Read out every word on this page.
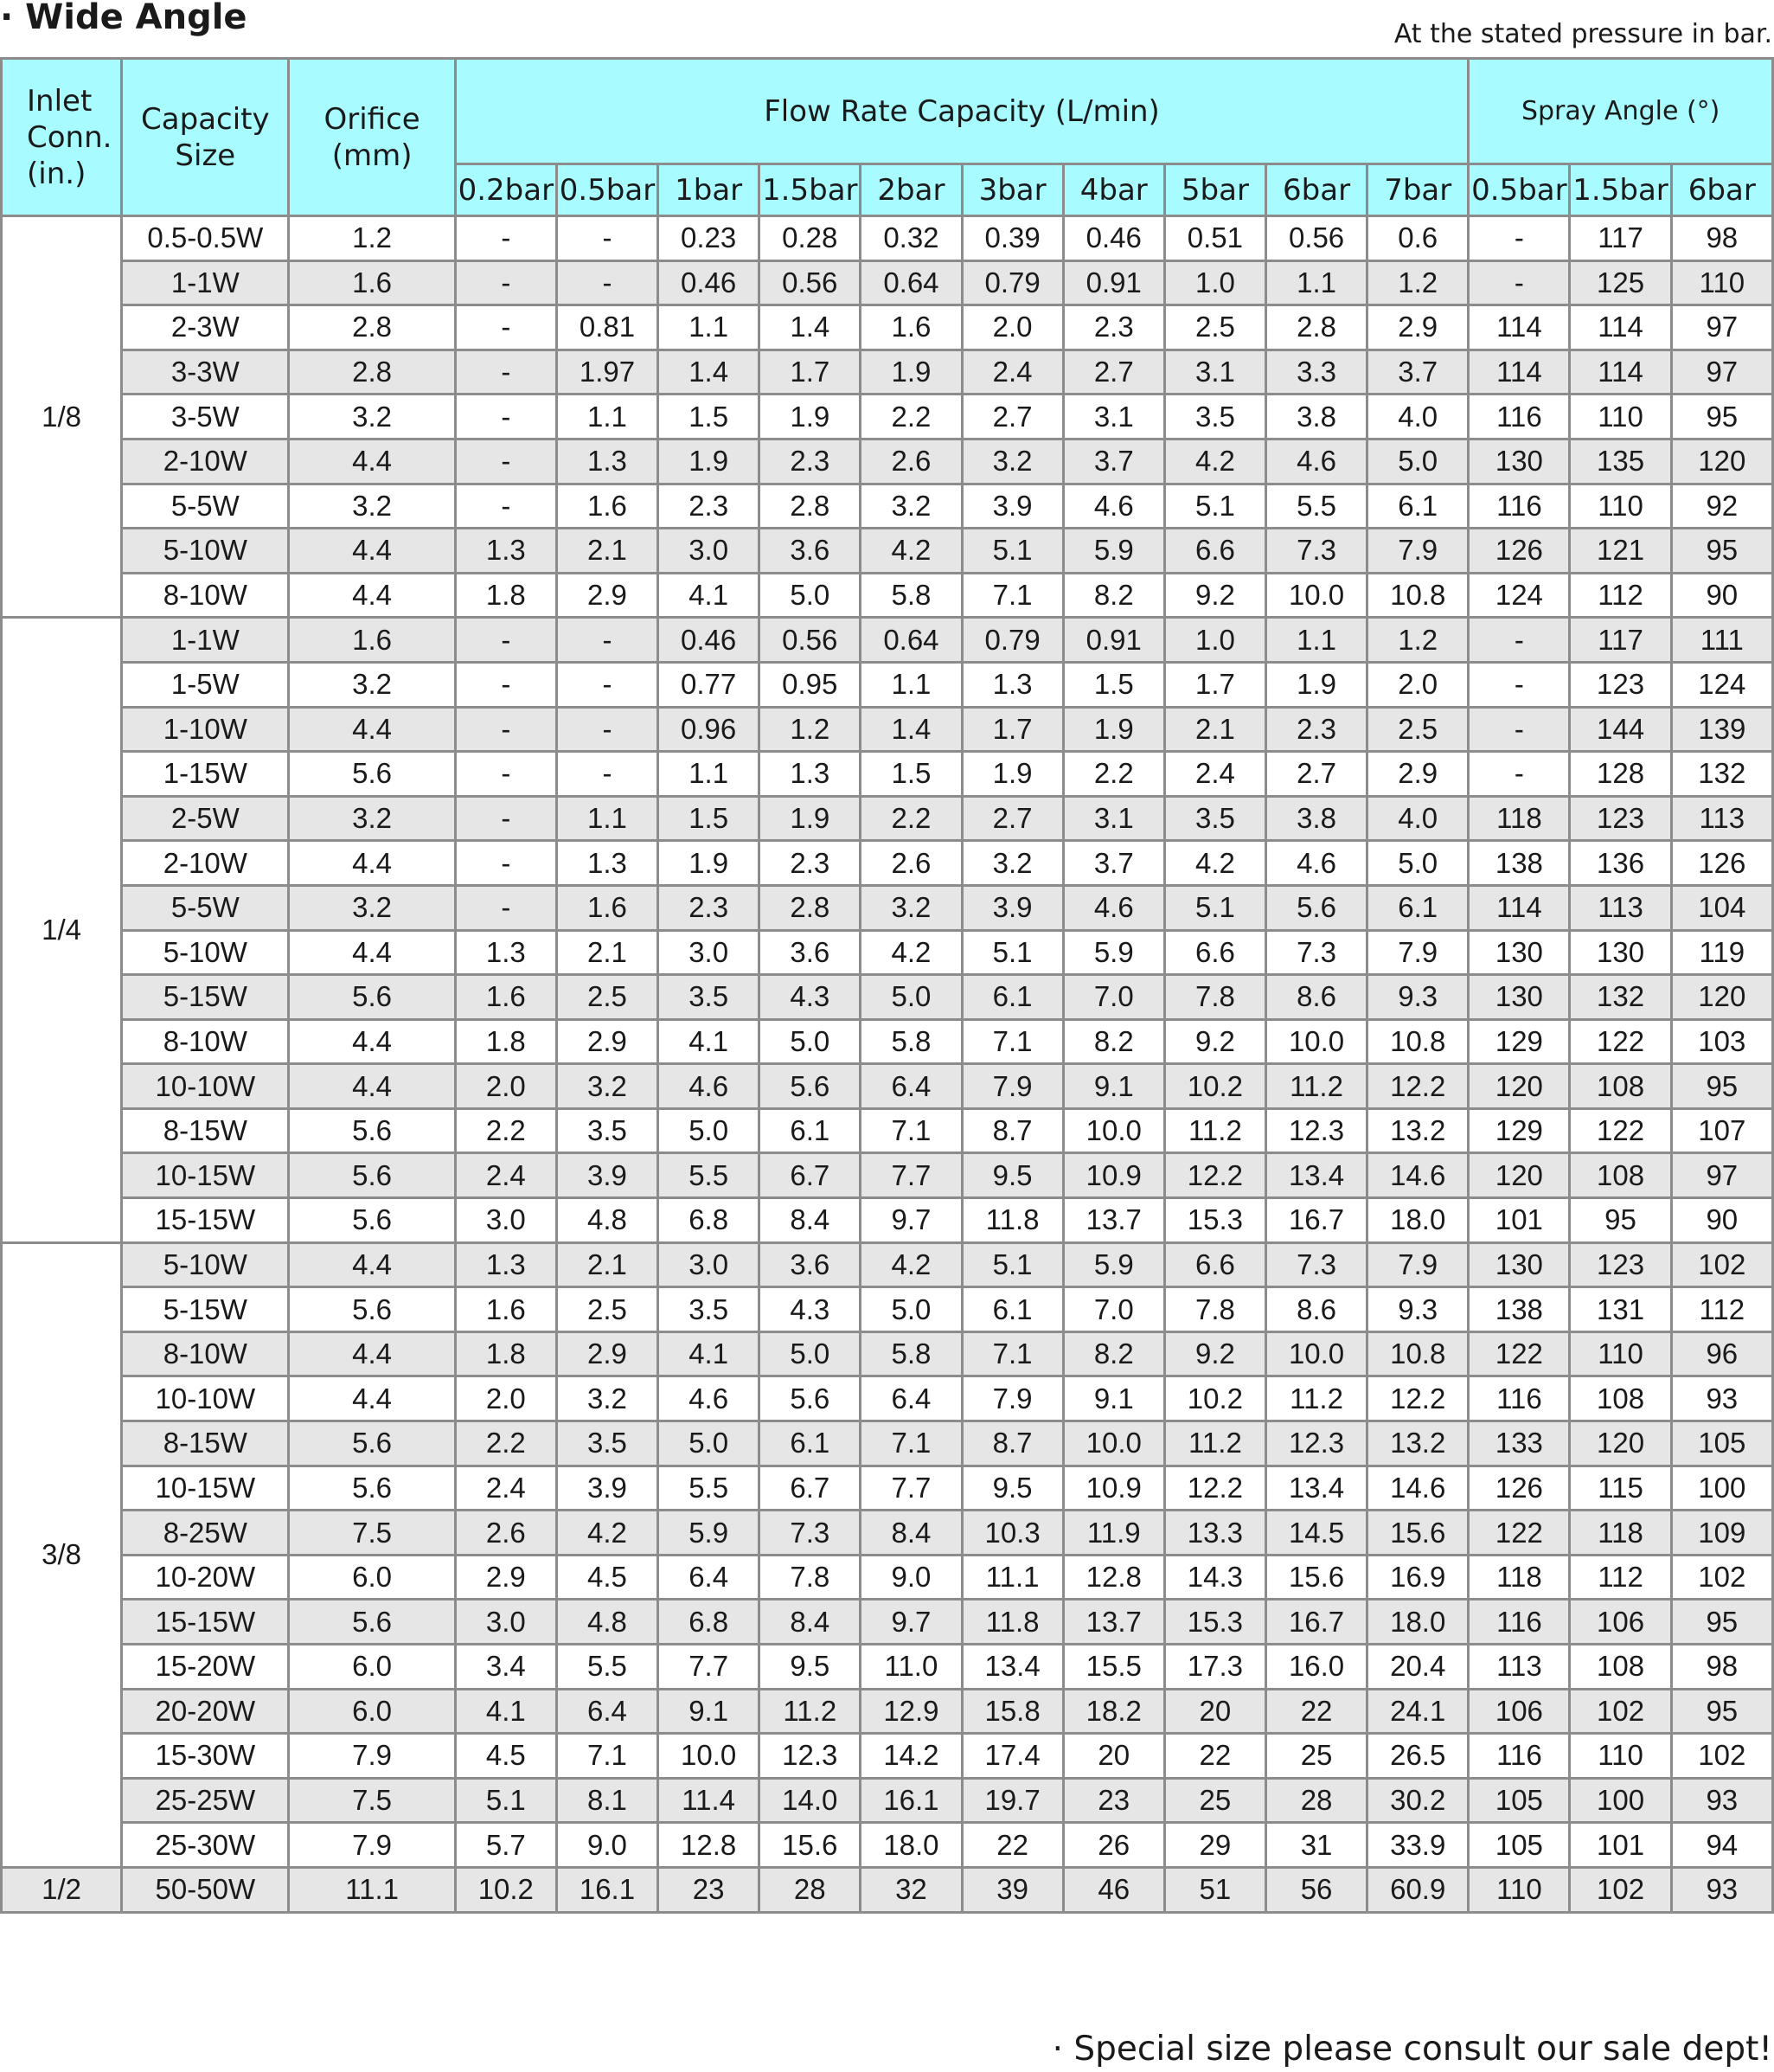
· Wide Angle	At the stated pressure in bar.
Inlet Conn. (in.)	Capacity Size	Orifice (mm)	Flow Rate Capacity (L/min)										Spray Angle (°)		
			0.2bar	0.5bar	1bar	1.5bar	2bar	3bar	4bar	5bar	6bar	7bar	0.5bar	1.5bar	6bar
1/8	0.5-0.5W	1.2	-	-	0.23	0.28	0.32	0.39	0.46	0.51	0.56	0.6	-	117	98
	1-1W	1.6	-	-	0.46	0.56	0.64	0.79	0.91	1.0	1.1	1.2	-	125	110
	2-3W	2.8	-	0.81	1.1	1.4	1.6	2.0	2.3	2.5	2.8	2.9	114	114	97
	3-3W	2.8	-	1.97	1.4	1.7	1.9	2.4	2.7	3.1	3.3	3.7	114	114	97
	3-5W	3.2	-	1.1	1.5	1.9	2.2	2.7	3.1	3.5	3.8	4.0	116	110	95
	2-10W	4.4	-	1.3	1.9	2.3	2.6	3.2	3.7	4.2	4.6	5.0	130	135	120
	5-5W	3.2	-	1.6	2.3	2.8	3.2	3.9	4.6	5.1	5.5	6.1	116	110	92
	5-10W	4.4	1.3	2.1	3.0	3.6	4.2	5.1	5.9	6.6	7.3	7.9	126	121	95
	8-10W	4.4	1.8	2.9	4.1	5.0	5.8	7.1	8.2	9.2	10.0	10.8	124	112	90
1/4	1-1W	1.6	-	-	0.46	0.56	0.64	0.79	0.91	1.0	1.1	1.2	-	117	111
	1-5W	3.2	-	-	0.77	0.95	1.1	1.3	1.5	1.7	1.9	2.0	-	123	124
	1-10W	4.4	-	-	0.96	1.2	1.4	1.7	1.9	2.1	2.3	2.5	-	144	139
	1-15W	5.6	-	-	1.1	1.3	1.5	1.9	2.2	2.4	2.7	2.9	-	128	132
	2-5W	3.2	-	1.1	1.5	1.9	2.2	2.7	3.1	3.5	3.8	4.0	118	123	113
	2-10W	4.4	-	1.3	1.9	2.3	2.6	3.2	3.7	4.2	4.6	5.0	138	136	126
	5-5W	3.2	-	1.6	2.3	2.8	3.2	3.9	4.6	5.1	5.6	6.1	114	113	104
	5-10W	4.4	1.3	2.1	3.0	3.6	4.2	5.1	5.9	6.6	7.3	7.9	130	130	119
	5-15W	5.6	1.6	2.5	3.5	4.3	5.0	6.1	7.0	7.8	8.6	9.3	130	132	120
	8-10W	4.4	1.8	2.9	4.1	5.0	5.8	7.1	8.2	9.2	10.0	10.8	129	122	103
	10-10W	4.4	2.0	3.2	4.6	5.6	6.4	7.9	9.1	10.2	11.2	12.2	120	108	95
	8-15W	5.6	2.2	3.5	5.0	6.1	7.1	8.7	10.0	11.2	12.3	13.2	129	122	107
	10-15W	5.6	2.4	3.9	5.5	6.7	7.7	9.5	10.9	12.2	13.4	14.6	120	108	97
	15-15W	5.6	3.0	4.8	6.8	8.4	9.7	11.8	13.7	15.3	16.7	18.0	101	95	90
3/8	5-10W	4.4	1.3	2.1	3.0	3.6	4.2	5.1	5.9	6.6	7.3	7.9	130	123	102
	5-15W	5.6	1.6	2.5	3.5	4.3	5.0	6.1	7.0	7.8	8.6	9.3	138	131	112
	8-10W	4.4	1.8	2.9	4.1	5.0	5.8	7.1	8.2	9.2	10.0	10.8	122	110	96
	10-10W	4.4	2.0	3.2	4.6	5.6	6.4	7.9	9.1	10.2	11.2	12.2	116	108	93
	8-15W	5.6	2.2	3.5	5.0	6.1	7.1	8.7	10.0	11.2	12.3	13.2	133	120	105
	10-15W	5.6	2.4	3.9	5.5	6.7	7.7	9.5	10.9	12.2	13.4	14.6	126	115	100
	8-25W	7.5	2.6	4.2	5.9	7.3	8.4	10.3	11.9	13.3	14.5	15.6	122	118	109
	10-20W	6.0	2.9	4.5	6.4	7.8	9.0	11.1	12.8	14.3	15.6	16.9	118	112	102
	15-15W	5.6	3.0	4.8	6.8	8.4	9.7	11.8	13.7	15.3	16.7	18.0	116	106	95
	15-20W	6.0	3.4	5.5	7.7	9.5	11.0	13.4	15.5	17.3	16.0	20.4	113	108	98
	20-20W	6.0	4.1	6.4	9.1	11.2	12.9	15.8	18.2	20	22	24.1	106	102	95
	15-30W	7.9	4.5	7.1	10.0	12.3	14.2	17.4	20	22	25	26.5	116	110	102
	25-25W	7.5	5.1	8.1	11.4	14.0	16.1	19.7	23	25	28	30.2	105	100	93
	25-30W	7.9	5.7	9.0	12.8	15.6	18.0	22	26	29	31	33.9	105	101	94
1/2	50-50W	11.1	10.2	16.1	23	28	32	39	46	51	56	60.9	110	102	93
· Special size please consult our sale dept!
